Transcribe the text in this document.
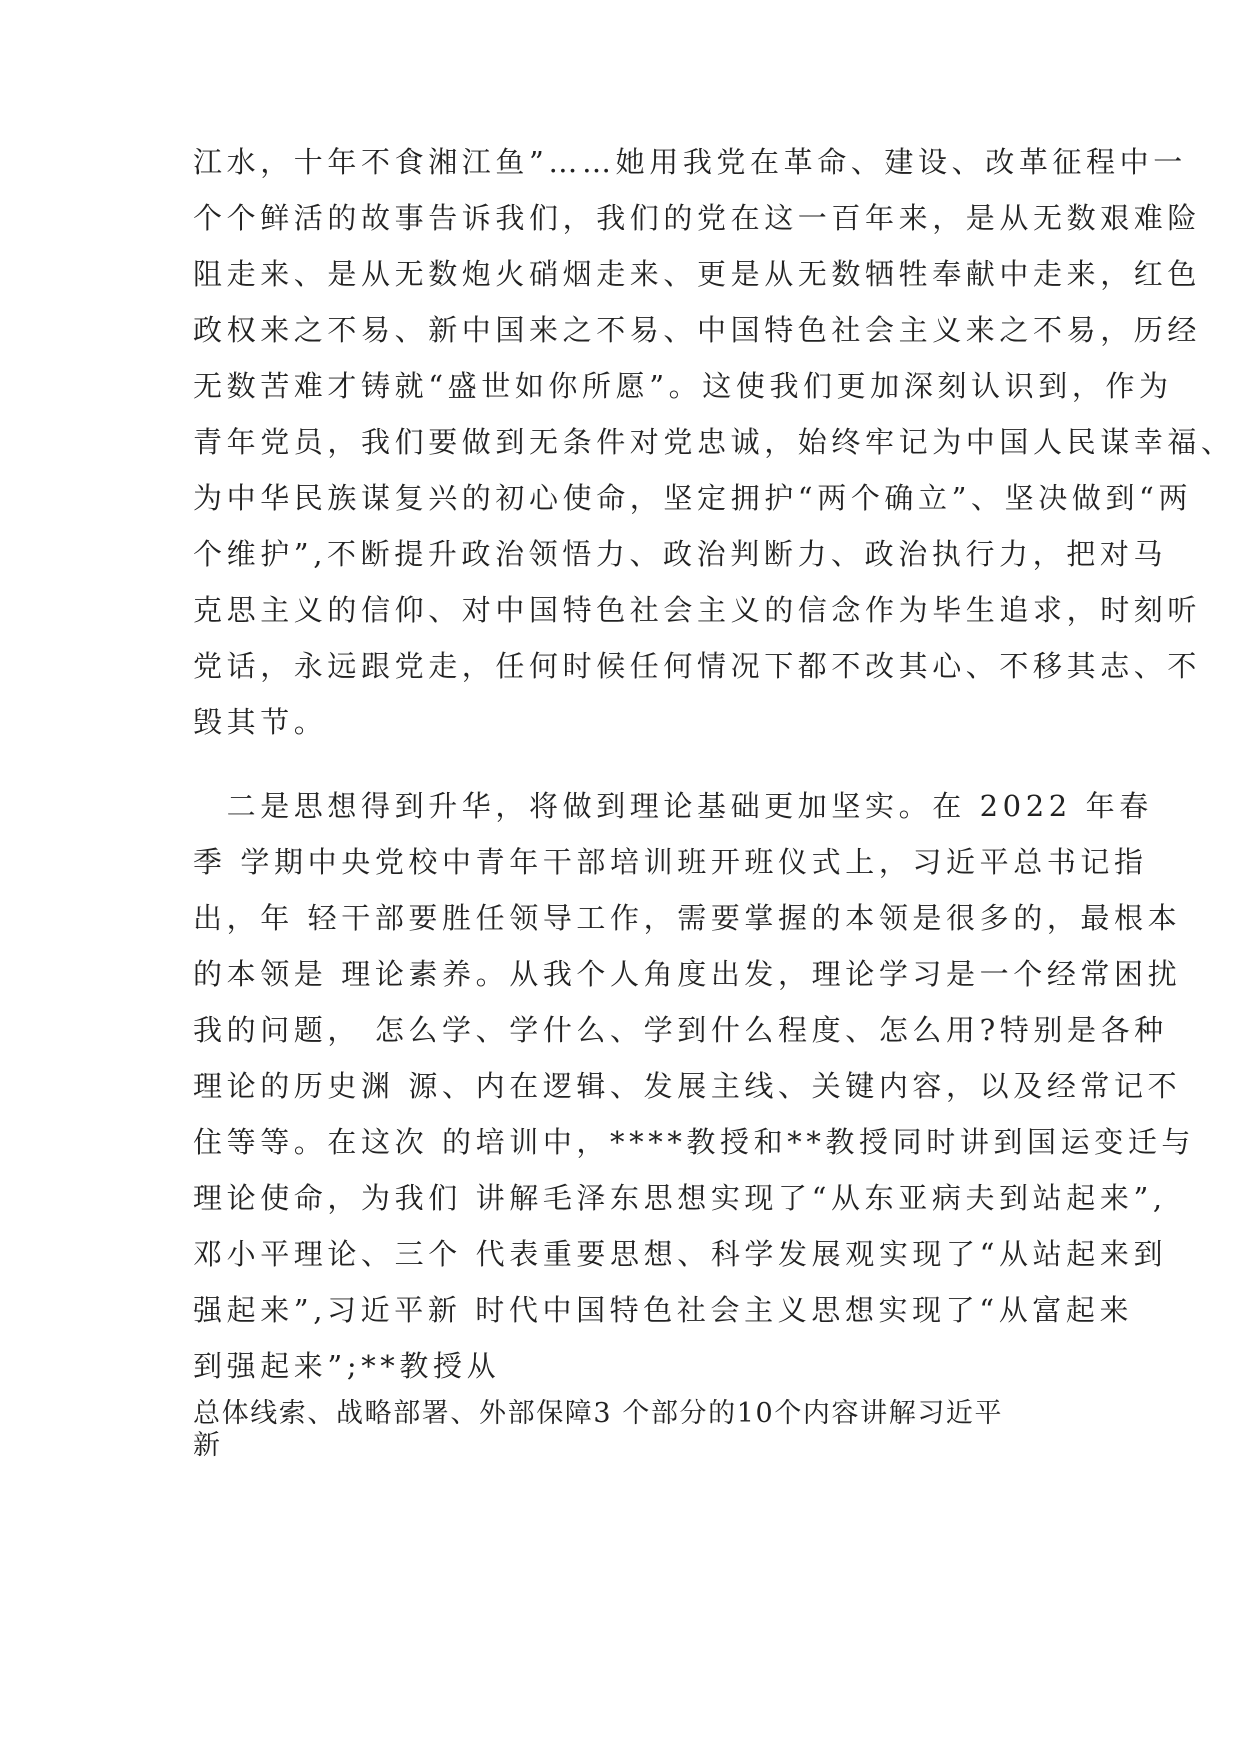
江水，十年不食湘江鱼”……她用我党在革命、建设、改革征程中一
个个鲜活的故事告诉我们，我们的党在这一百年来，是从无数艰难险
阻走来、是从无数炮火硝烟走来、更是从无数牺牲奉献中走来，红色
政权来之不易、新中国来之不易、中国特色社会主义来之不易，历经
无数苦难才铸就“盛世如你所愿”。这使我们更加深刻认识到，作为
青年党员，我们要做到无条件对党忠诚，始终牢记为中国人民谋幸福、
为中华民族谋复兴的初心使命，坚定拥护“两个确立”、坚决做到“两
个维护”,不断提升政治领悟力、政治判断力、政治执行力，把对马
克思主义的信仰、对中国特色社会主义的信念作为毕生追求，时刻听
党话，永远跟党走，任何时候任何情况下都不改其心、不移其志、不
毁其节。
　二是思想得到升华，将做到理论基础更加坚实。在 2022 年春
季 学期中央党校中青年干部培训班开班仪式上，习近平总书记指
出，年 轻干部要胜任领导工作，需要掌握的本领是很多的，最根本
的本领是 理论素养。从我个人角度出发，理论学习是一个经常困扰
我的问题， 怎么学、学什么、学到什么程度、怎么用?特别是各种
理论的历史渊 源、内在逻辑、发展主线、关键内容，以及经常记不
住等等。在这次 的培训中，****教授和**教授同时讲到国运变迁与
理论使命，为我们 讲解毛泽东思想实现了“从东亚病夫到站起来”,
邓小平理论、三个 代表重要思想、科学发展观实现了“从站起来到
强起来”,习近平新 时代中国特色社会主义思想实现了“从富起来
到强起来”;**教授从
总体线索、战略部署、外部保障3 个部分的10个内容讲解习近平
新
